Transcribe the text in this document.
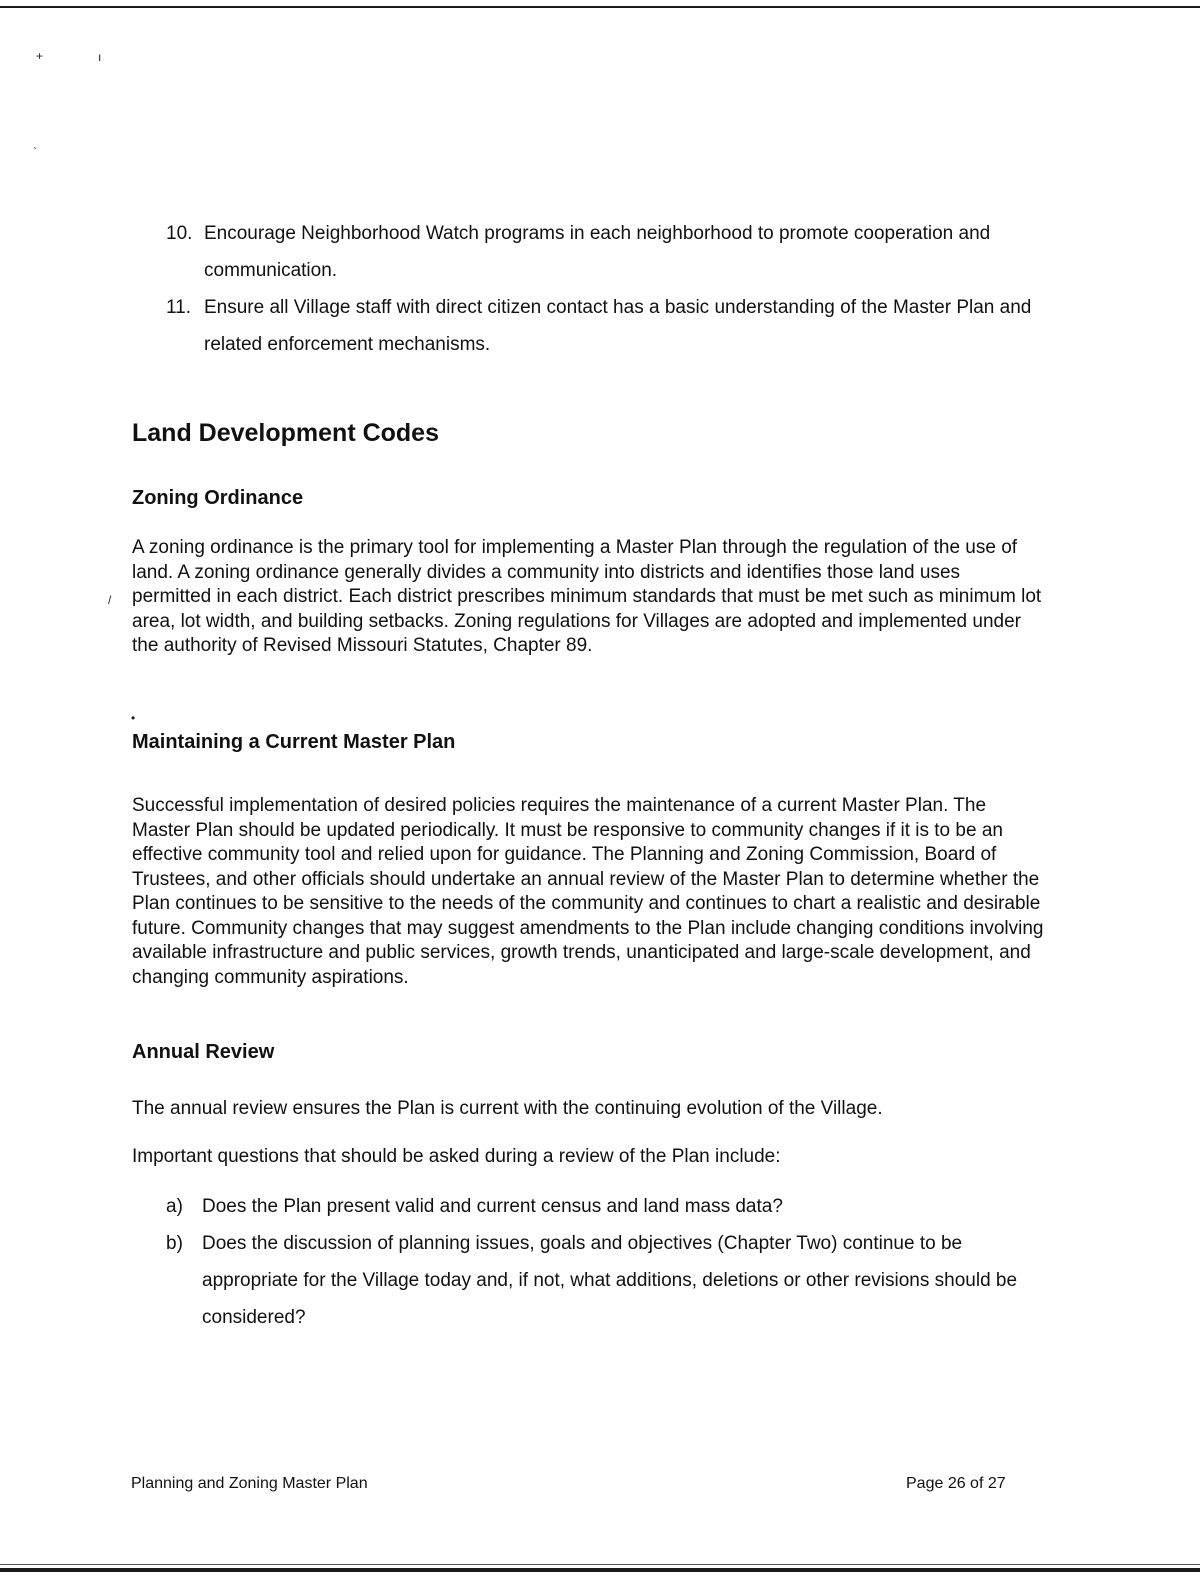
+	ı
ˋ
/
•
10. Encourage Neighborhood Watch programs in each neighborhood to promote cooperation and communication.
11. Ensure all Village staff with direct citizen contact has a basic understanding of the Master Plan and related enforcement mechanisms.
Land Development Codes
Zoning Ordinance
A zoning ordinance is the primary tool for implementing a Master Plan through the regulation of the use of land. A zoning ordinance generally divides a community into districts and identifies those land uses permitted in each district. Each district prescribes minimum standards that must be met such as minimum lot area, lot width, and building setbacks. Zoning regulations for Villages are adopted and implemented under the authority of Revised Missouri Statutes, Chapter 89.
Maintaining a Current Master Plan
Successful implementation of desired policies requires the maintenance of a current Master Plan. The Master Plan should be updated periodically. It must be responsive to community changes if it is to be an effective community tool and relied upon for guidance. The Planning and Zoning Commission, Board of Trustees, and other officials should undertake an annual review of the Master Plan to determine whether the Plan continues to be sensitive to the needs of the community and continues to chart a realistic and desirable future. Community changes that may suggest amendments to the Plan include changing conditions involving available infrastructure and public services, growth trends, unanticipated and large-scale development, and changing community aspirations.
Annual Review
The annual review ensures the Plan is current with the continuing evolution of the Village.
Important questions that should be asked during a review of the Plan include:
a) Does the Plan present valid and current census and land mass data?
b) Does the discussion of planning issues, goals and objectives (Chapter Two) continue to be appropriate for the Village today and, if not, what additions, deletions or other revisions should be considered?
Planning and Zoning Master Plan	Page 26 of 27
